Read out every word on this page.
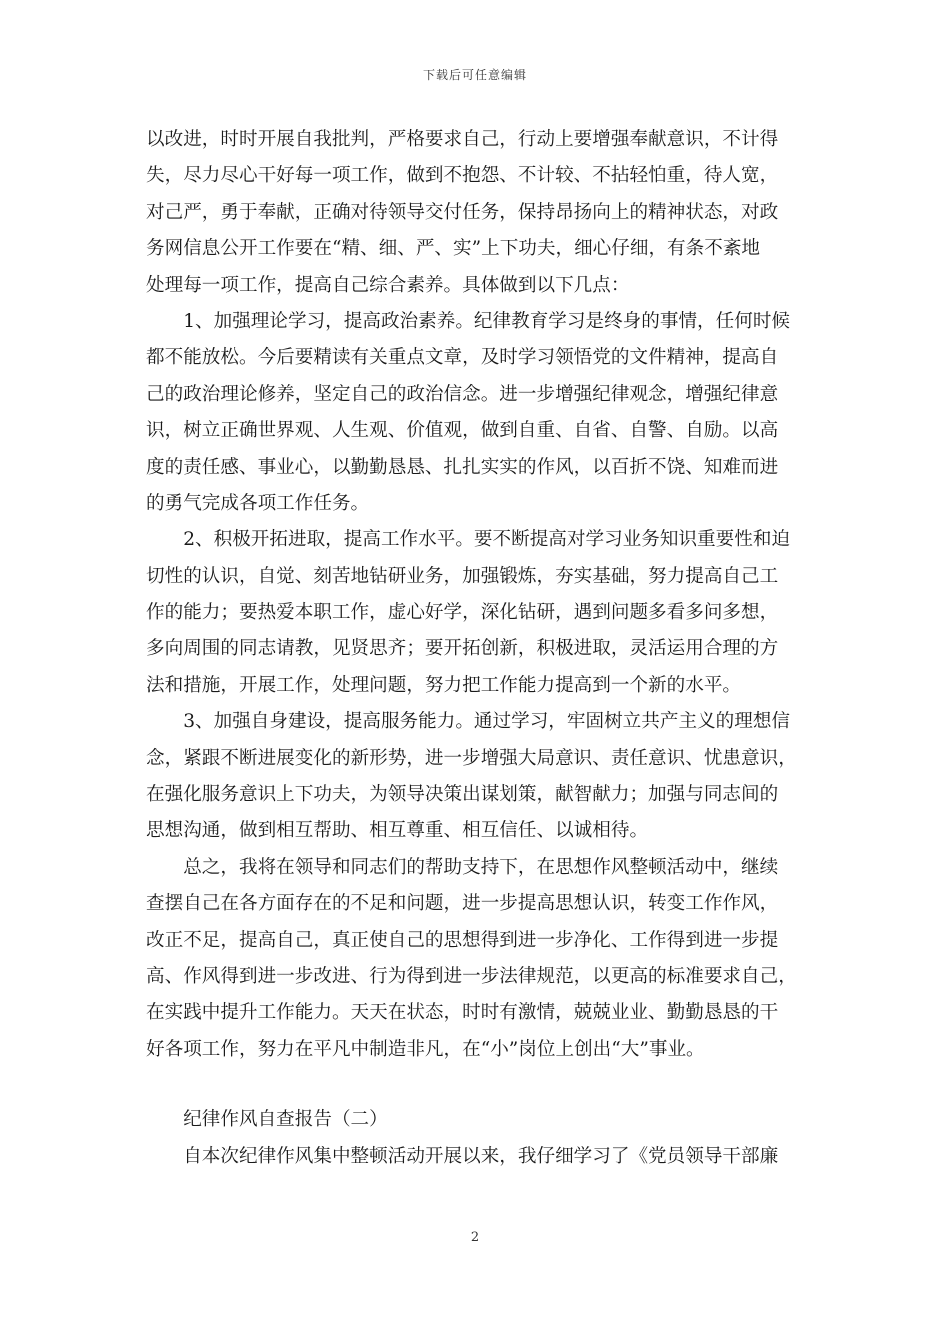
下载后可任意编辑
以改进，时时开展自我批判，严格要求自己，行动上要增强奉献意识，不计得
失，尽力尽心干好每一项工作，做到不抱怨、不计较、不拈轻怕重，待人宽，
对己严，勇于奉献，正确对待领导交付任务，保持昂扬向上的精神状态，对政
务网信息公开工作要在“精、细、严、实”上下功夫，细心仔细，有条不紊地
处理每一项工作，提高自己综合素养。具体做到以下几点：
　　1、加强理论学习，提高政治素养。纪律教育学习是终身的事情，任何时候
都不能放松。今后要精读有关重点文章，及时学习领悟党的文件精神，提高自
己的政治理论修养，坚定自己的政治信念。进一步增强纪律观念，增强纪律意
识，树立正确世界观、人生观、价值观，做到自重、自省、自警、自励。以高
度的责任感、事业心，以勤勤恳恳、扎扎实实的作风，以百折不饶、知难而进
的勇气完成各项工作任务。
　　2、积极开拓进取，提高工作水平。要不断提高对学习业务知识重要性和迫
切性的认识，自觉、刻苦地钻研业务，加强锻炼，夯实基础，努力提高自己工
作的能力；要热爱本职工作，虚心好学，深化钻研，遇到问题多看多问多想，
多向周围的同志请教，见贤思齐；要开拓创新，积极进取，灵活运用合理的方
法和措施，开展工作，处理问题，努力把工作能力提高到一个新的水平。
　　3、加强自身建设，提高服务能力。通过学习，牢固树立共产主义的理想信
念，紧跟不断进展变化的新形势，进一步增强大局意识、责任意识、忧患意识，
在强化服务意识上下功夫，为领导决策出谋划策，献智献力；加强与同志间的
思想沟通，做到相互帮助、相互尊重、相互信任、以诚相待。
　　总之，我将在领导和同志们的帮助支持下，在思想作风整顿活动中，继续
查摆自己在各方面存在的不足和问题，进一步提高思想认识，转变工作作风，
改正不足，提高自己，真正使自己的思想得到进一步净化、工作得到进一步提
高、作风得到进一步改进、行为得到进一步法律规范，以更高的标准要求自己，
在实践中提升工作能力。天天在状态，时时有激情，兢兢业业、勤勤恳恳的干
好各项工作，努力在平凡中制造非凡，在“小”岗位上创出“大”事业。
　　纪律作风自查报告（二）
　　自本次纪律作风集中整顿活动开展以来，我仔细学习了《党员领导干部廉
2
